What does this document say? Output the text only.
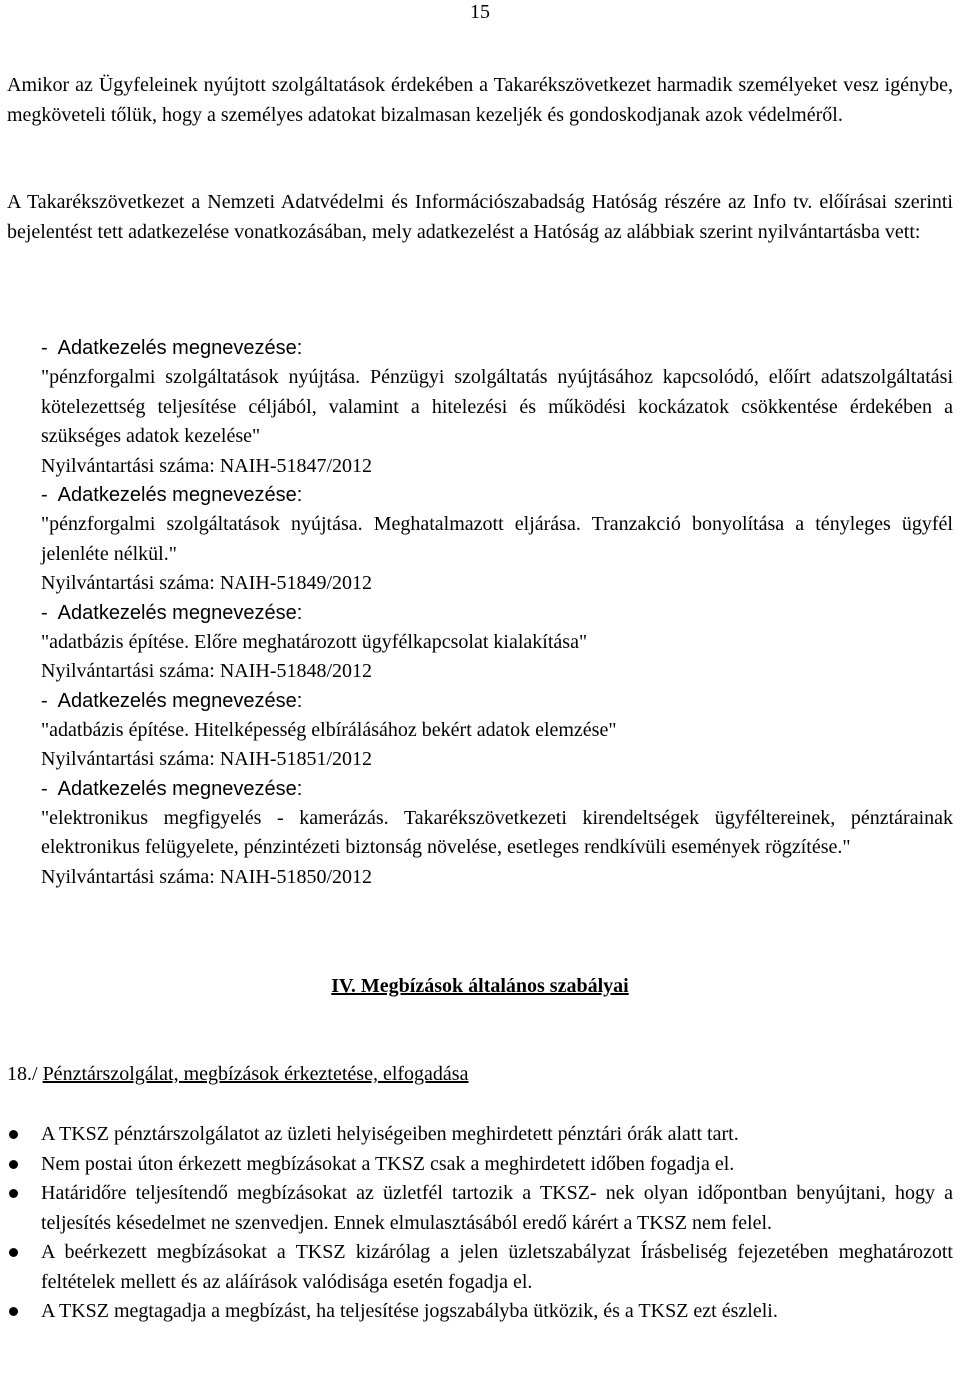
15

Amikor az Ügyfeleinek nyújtott szolgáltatások érdekében a Takarékszövetkezet harmadik személyeket vesz igénybe, megköveteli tőlük, hogy a személyes adatokat bizalmasan kezeljék és gondoskodjanak azok védelméről.

A Takarékszövetkezet a Nemzeti Adatvédelmi és Információszabadság Hatóság részére az Info tv. előírásai szerinti bejelentést tett adatkezelése vonatkozásában, mely adatkezelést a Hatóság az alábbiak szerint nyilvántartásba vett:

-  Adatkezelés megnevezése:
"pénzforgalmi szolgáltatások nyújtása. Pénzügyi szolgáltatás nyújtásához kapcsolódó, előírt adatszolgáltatási kötelezettség teljesítése céljából, valamint a hitelezési és működési kockázatok csökkentése érdekében a szükséges adatok kezelése"
Nyilvántartási száma: NAIH-51847/2012
-  Adatkezelés megnevezése:
"pénzforgalmi szolgáltatások nyújtása. Meghatalmazott eljárása. Tranzakció bonyolítása a tényleges ügyfél jelenléte nélkül."
Nyilvántartási száma: NAIH-51849/2012
-  Adatkezelés megnevezése:
"adatbázis építése. Előre meghatározott ügyfélkapcsolat kialakítása"
Nyilvántartási száma: NAIH-51848/2012
-  Adatkezelés megnevezése:
"adatbázis építése. Hitelképesség elbírálásához bekért adatok elemzése"
Nyilvántartási száma: NAIH-51851/2012
-  Adatkezelés megnevezése:
"elektronikus megfigyelés - kamerázás. Takarékszövetkezeti kirendeltségek ügyféltereinek, pénztárainak elektronikus felügyelete, pénzintézeti biztonság növelése, esetleges rendkívüli események rögzítése."
Nyilvántartási száma: NAIH-51850/2012
IV. Megbízások általános szabályai
18./ Pénztárszolgálat, megbízások érkeztetése, elfogadása
A TKSZ pénztárszolgálatot az üzleti helyiségeiben meghirdetett pénztári órák alatt tart.
Nem postai úton érkezett megbízásokat a TKSZ csak a meghirdetett időben fogadja el.
Határidőre teljesítendő megbízásokat az üzletfél tartozik a TKSZ- nek olyan időpontban benyújtani, hogy a teljesítés késedelmet ne szenvedjen. Ennek elmulasztásából eredő kárért a TKSZ nem felel.
A beérkezett megbízásokat a TKSZ kizárólag a jelen üzletszabályzat Írásbeliség fejezetében meghatározott feltételek mellett és az aláírások valódisága esetén fogadja el.
A TKSZ megtagadja a megbízást, ha teljesítése jogszabályba ütközik, és a TKSZ ezt észleli.
